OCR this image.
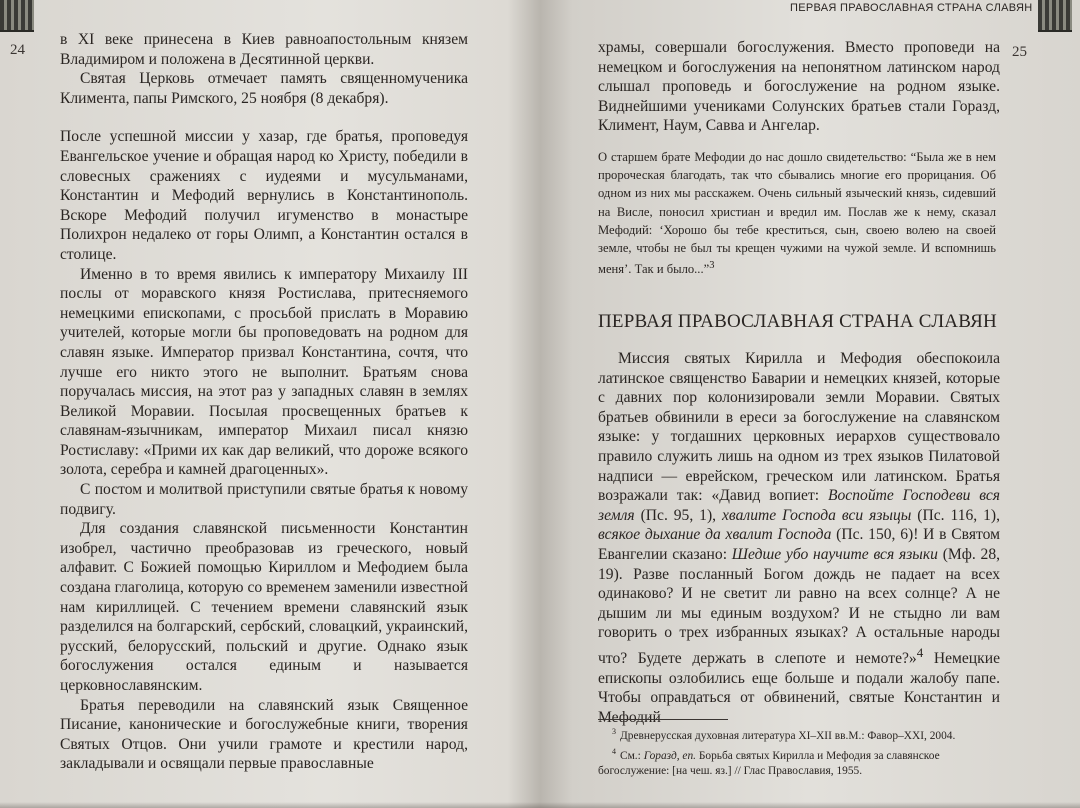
24

в XI веке принесена в Киев равноапостольным князем Владимиром и положена в Десятинной церкви.

Святая Церковь отмечает память священномученика Климента, папы Римского, 25 ноября (8 декабря).

После успешной миссии у хазар, где братья, проповедуя Евангельское учение и обращая народ ко Христу, победили в словесных сражениях с иудеями и мусульманами, Константин и Мефодий вернулись в Константинополь. Вскоре Мефодий получил игуменство в монастыре Полихрон недалеко от горы Олимп, а Константин остался в столице.

Именно в то время явились к императору Михаилу III послы от моравского князя Ростислава, притесняемого немецкими епископами, с просьбой прислать в Моравию учителей, которые могли бы проповедовать на родном для славян языке. Император призвал Константина, сочтя, что лучше его никто этого не выполнит. Братьям снова поручалась миссия, на этот раз у западных славян в землях Великой Моравии. Посылая просвещенных братьев к славянам-язычникам, император Михаил писал князю Ростиславу: «Прими их как дар великий, что дороже всякого золота, серебра и камней драгоценных».

С постом и молитвой приступили святые братья к новому подвигу.

Для создания славянской письменности Константин изобрел, частично преобразовав из греческого, новый алфавит. С Божией помощью Кириллом и Мефодием была создана глаголица, которую со временем заменили известной нам кириллицей. С течением времени славянский язык разделился на болгарский, сербский, словацкий, украинский, русский, белорусский, польский и другие. Однако язык богослужения остался единым и называется церковнославянским.

Братья переводили на славянский язык Священное Писание, канонические и богослужебные книги, творения Святых Отцов. Они учили грамоте и крестили народ, закладывали и освящали первые православные

ПЕРВАЯ ПРАВОСЛАВНАЯ СТРАНА СЛАВЯН
25

храмы, совершали богослужения. Вместо проповеди на немецком и богослужения на непонятном латинском народ слышал проповедь и богослужение на родном языке. Виднейшими учениками Солунских братьев стали Горазд, Климент, Наум, Савва и Ангелар.

О старшем брате Мефодии до нас дошло свидетельство: “Была же в нем пророческая благодать, так что сбывались многие его прорицания. Об одном из них мы расскажем. Очень сильный языческий князь, сидевший на Висле, поносил христиан и вредил им. Послав же к нему, сказал Мефодий: ‘Хорошо бы тебе креститься, сын, своею волею на своей земле, чтобы не был ты крещен чужими на чужой земле. И вспомнишь меня’. Так и было...”$^3$
ПЕРВАЯ ПРАВОСЛАВНАЯ СТРАНА СЛАВЯН

Миссия святых Кирилла и Мефодия обеспокоила латинское священство Баварии и немецких князей, которые с давних пор колонизировали земли Моравии. Святых братьев обвинили в ереси за богослужение на славянском языке: у тогдашних церковных иерархов существовало правило служить лишь на одном из трех языков Пилатовой надписи — еврейском, греческом или латинском. Братья возражали так: «Давид вопиет: Воспойте Господеви вся земля (Пс. 95, 1), хвалите Господа вси языцы (Пс. 116, 1), всякое дыхание да хвалит Господа (Пс. 150, 6)! И в Святом Евангелии сказано: Шедше убо научите вся языки (Мф. 28, 19). Разве посланный Богом дождь не падает на всех одинаково? И не светит ли равно на всех солнце? А не дышим ли мы единым воздухом? И не стыдно ли вам говорить о трех избранных языках? А остальные народы что? Будете держать в слепоте и немоте?»$^4$ Немецкие епископы озлобились еще больше и подали жалобу папе. Чтобы оправдаться от обвинений, святые Константин и Мефодий

$^3$ Древнерусская духовная литература XI–XII вв.М.: Фавор–XXI, 2004.
$^4$ См.: Горазд, еп. Борьба святых Кирилла и Мефодия за славянское богослужение: [на чеш. яз.] // Глас Православия, 1955.
